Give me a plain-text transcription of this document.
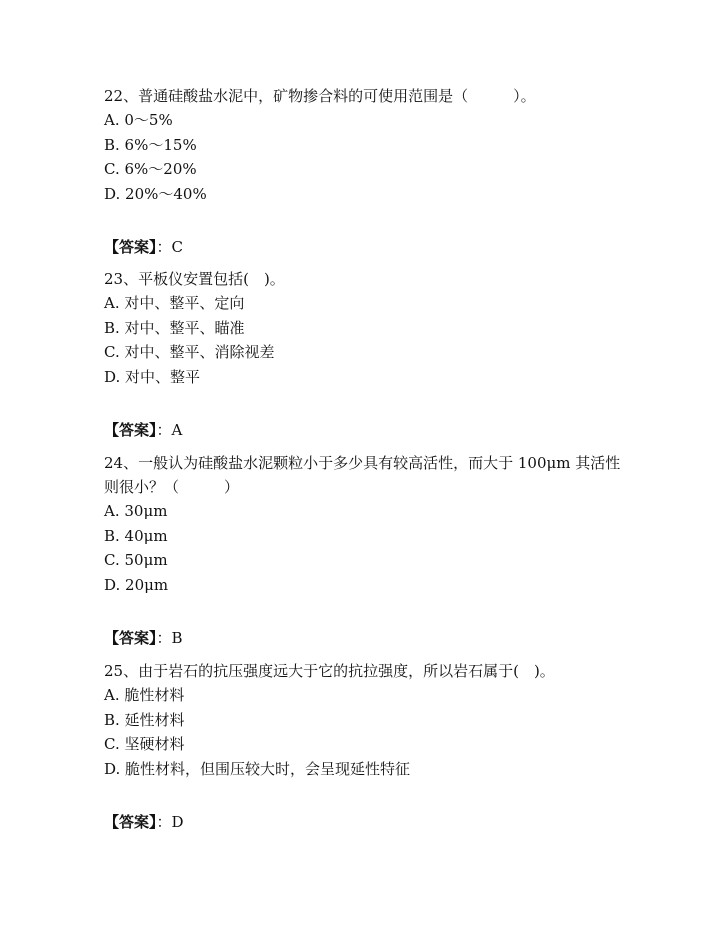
22、普通硅酸盐水泥中，矿物掺合料的可使用范围是（　　　）。

A. 0～5%

B. 6%～15%

C. 6%～20%

D. 20%～40%

【答案】：C

23、平板仪安置包括(　)。

A. 对中、整平、定向

B. 对中、整平、瞄准

C. 对中、整平、消除视差

D. 对中、整平

【答案】：A

24、一般认为硅酸盐水泥颗粒小于多少具有较高活性，而大于 100μm 其活性则很小？（　　　）

A. 30μm

B. 40μm

C. 50μm

D. 20μm

【答案】：B

25、由于岩石的抗压强度远大于它的抗拉强度，所以岩石属于(　)。

A. 脆性材料

B. 延性材料

C. 坚硬材料

D. 脆性材料，但围压较大时，会呈现延性特征

【答案】：D
